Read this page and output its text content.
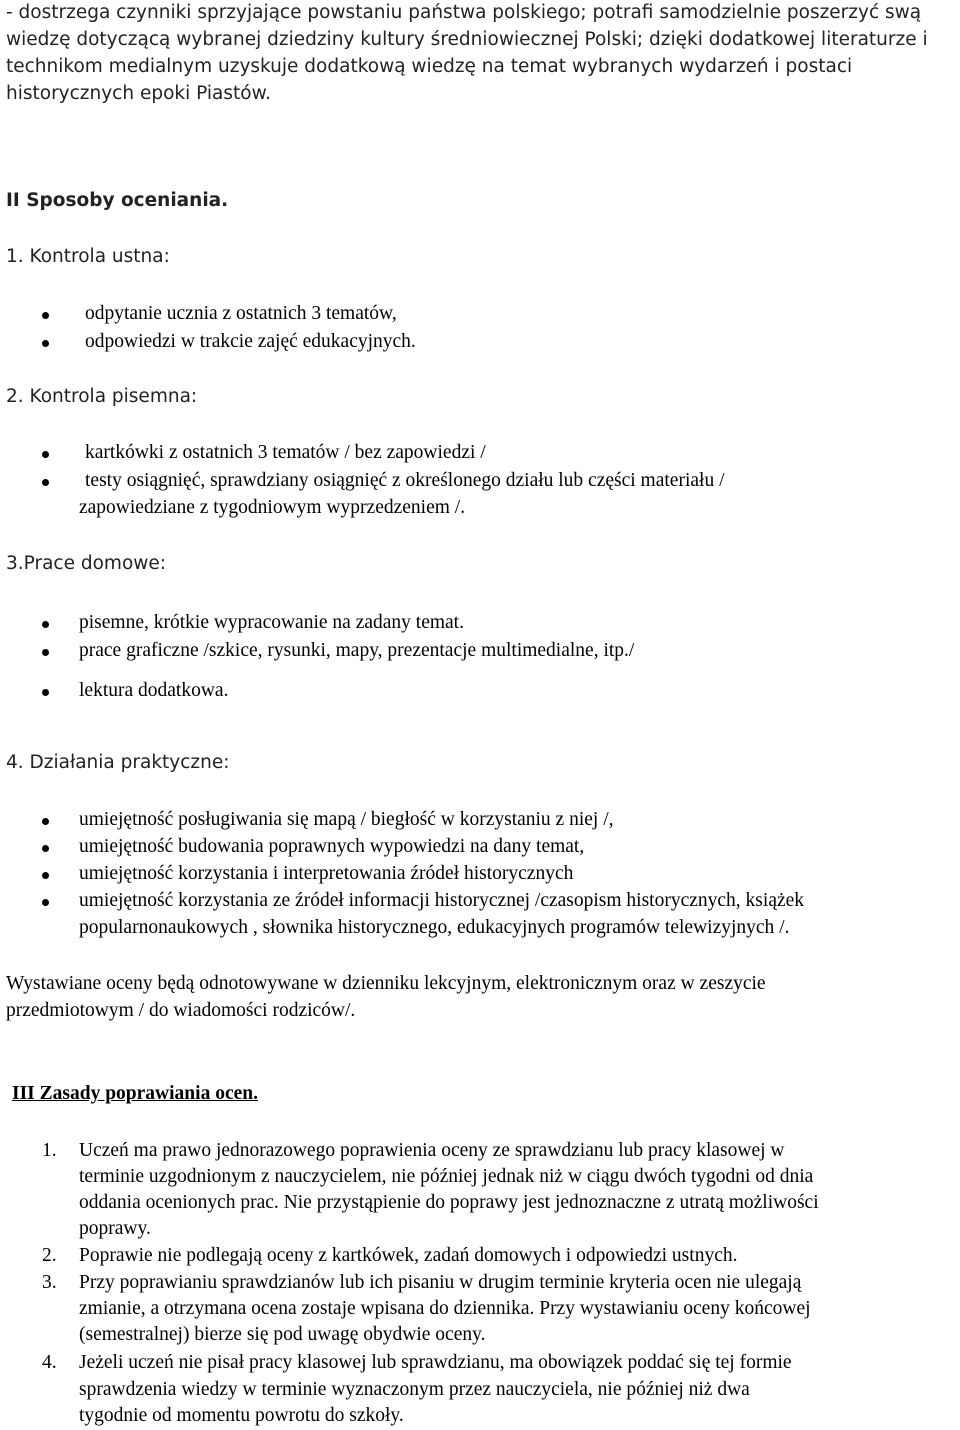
- dostrzega czynniki sprzyjające powstaniu państwa polskiego; potrafi samodzielnie poszerzyć swą
wiedzę dotyczącą wybranej dziedziny kultury średniowiecznej Polski; dzięki dodatkowej literaturze i
technikom medialnym uzyskuje dodatkową wiedzę na temat wybranych wydarzeń i postaci
historycznych epoki Piastów.
II Sposoby oceniania.
1. Kontrola ustna:
odpytanie ucznia z ostatnich 3 tematów,
odpowiedzi w trakcie zajęć edukacyjnych.
2. Kontrola pisemna:
kartkówki z ostatnich 3 tematów / bez zapowiedzi /
testy osiągnięć, sprawdziany osiągnięć z określonego działu lub części materiału /
zapowiedziane z tygodniowym wyprzedzeniem /.
3.Prace domowe:
pisemne, krótkie wypracowanie na zadany temat.
prace graficzne /szkice, rysunki, mapy, prezentacje multimedialne, itp./
lektura dodatkowa.
4. Działania praktyczne:
umiejętność posługiwania się mapą / biegłość w korzystaniu z niej /,
umiejętność budowania poprawnych wypowiedzi na dany temat,
umiejętność korzystania i interpretowania źródeł historycznych
umiejętność korzystania ze źródeł informacji historycznej /czasopism historycznych, książek
popularnonaukowych , słownika historycznego, edukacyjnych programów telewizyjnych /.
Wystawiane oceny będą odnotowywane w dzienniku lekcyjnym, elektronicznym oraz w zeszycie
przedmiotowym / do wiadomości rodziców/.
III Zasady poprawiania ocen.
1. Uczeń ma prawo jednorazowego poprawienia oceny ze sprawdzianu lub pracy klasowej w
terminie uzgodnionym z nauczycielem, nie później jednak niż w ciągu dwóch tygodni od dnia
oddania ocenionych prac. Nie przystąpienie do poprawy jest jednoznaczne z utratą możliwości
poprawy.
2. Poprawie nie podlegają oceny z kartkówek, zadań domowych i odpowiedzi ustnych.
3. Przy poprawianiu sprawdzianów lub ich pisaniu w drugim terminie kryteria ocen nie ulegają
zmianie, a otrzymana ocena zostaje wpisana do dziennika. Przy wystawianiu oceny końcowej
(semestralnej) bierze się pod uwagę obydwie oceny.
4. Jeżeli uczeń nie pisał pracy klasowej lub sprawdzianu, ma obowiązek poddać się tej formie
sprawdzenia wiedzy w terminie wyznaczonym przez nauczyciela, nie później niż dwa
tygodnie od momentu powrotu do szkoły.
